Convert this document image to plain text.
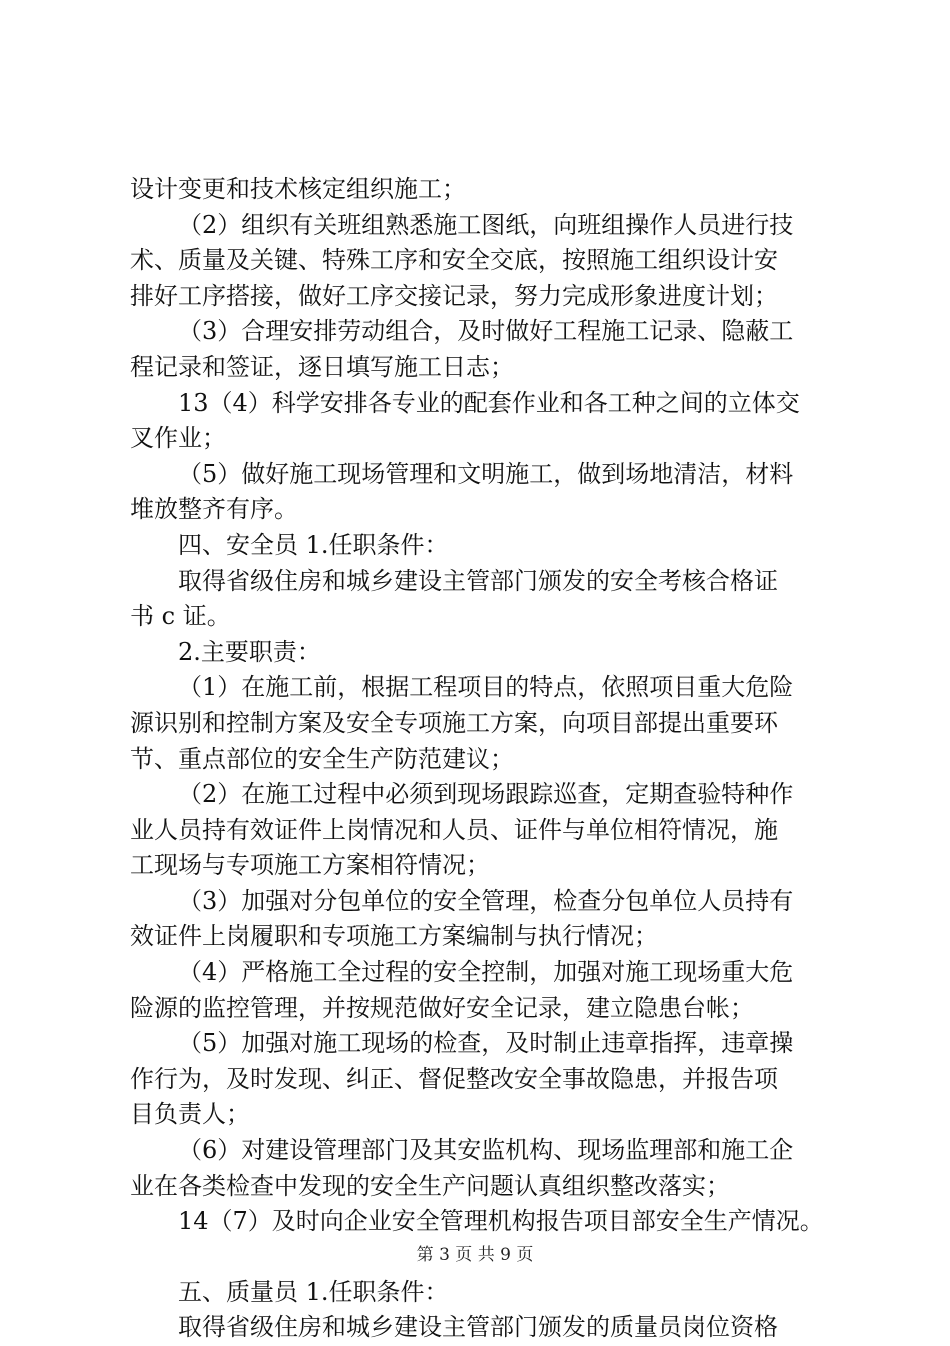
设计变更和技术核定组织施工；
（2）组织有关班组熟悉施工图纸，向班组操作人员进行技
术、质量及关键、特殊工序和安全交底，按照施工组织设计安
排好工序搭接，做好工序交接记录，努力完成形象进度计划；
（3）合理安排劳动组合，及时做好工程施工记录、隐蔽工
程记录和签证，逐日填写施工日志；
13（4）科学安排各专业的配套作业和各工种之间的立体交
叉作业；
（5）做好施工现场管理和文明施工，做到场地清洁，材料
堆放整齐有序。
四、安全员 1.任职条件：
取得省级住房和城乡建设主管部门颁发的安全考核合格证
书 c 证。
2.主要职责：
（1）在施工前，根据工程项目的特点，依照项目重大危险
源识别和控制方案及安全专项施工方案，向项目部提出重要环
节、重点部位的安全生产防范建议；
（2）在施工过程中必须到现场跟踪巡查，定期查验特种作
业人员持有效证件上岗情况和人员、证件与单位相符情况，施
工现场与专项施工方案相符情况；
（3）加强对分包单位的安全管理，检查分包单位人员持有
效证件上岗履职和专项施工方案编制与执行情况；
（4）严格施工全过程的安全控制，加强对施工现场重大危
险源的监控管理，并按规范做好安全记录，建立隐患台帐；
（5）加强对施工现场的检查，及时制止违章指挥，违章操
作行为，及时发现、纠正、督促整改安全事故隐患，并报告项
目负责人；
（6）对建设管理部门及其安监机构、现场监理部和施工企
业在各类检查中发现的安全生产问题认真组织整改落实；
14（7）及时向企业安全管理机构报告项目部安全生产情况。
五、质量员 1.任职条件：
取得省级住房和城乡建设主管部门颁发的质量员岗位资格
第 3 页 共 9 页
